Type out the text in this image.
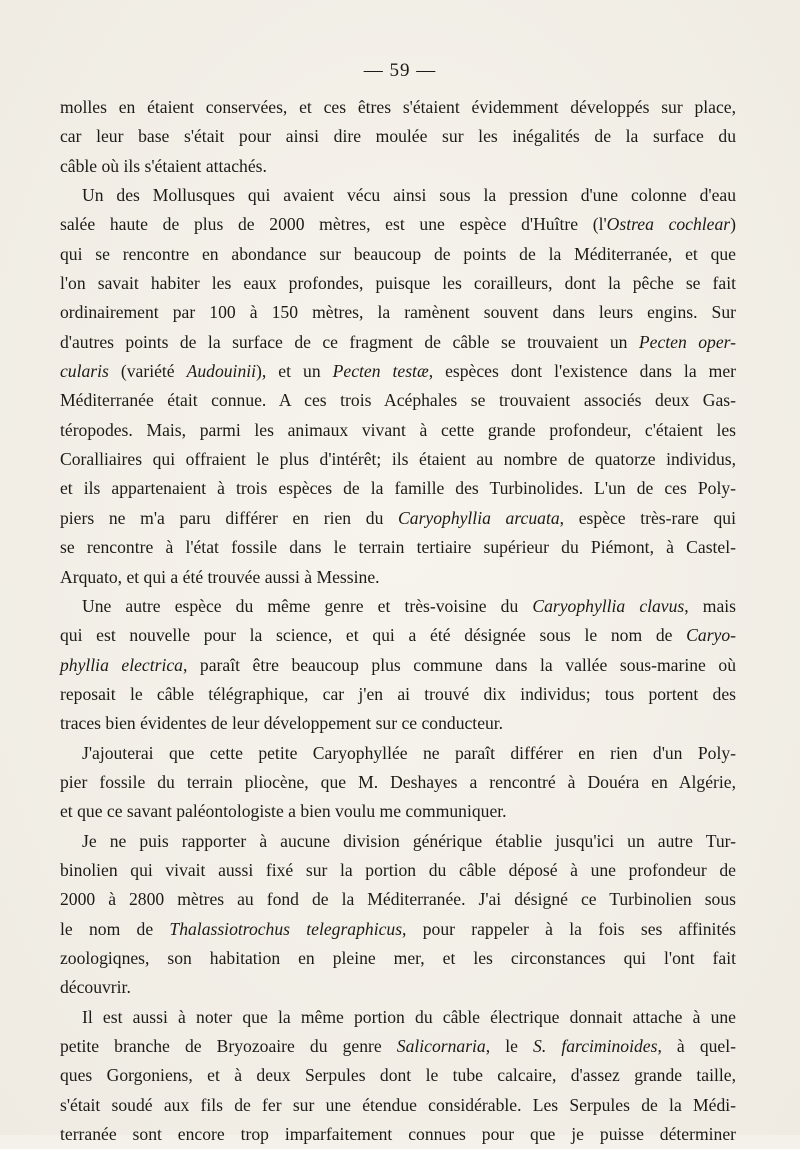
— 59 —
molles en étaient conservées, et ces êtres s'étaient évidemment développés sur place,
car leur base s'était pour ainsi dire moulée sur les inégalités de la surface du
câble où ils s'étaient attachés.
Un des Mollusques qui avaient vécu ainsi sous la pression d'une colonne d'eau
salée haute de plus de 2000 mètres, est une espèce d'Huître (l'Ostrea cochlear)
qui se rencontre en abondance sur beaucoup de points de la Méditerranée, et que
l'on savait habiter les eaux profondes, puisque les corailleurs, dont la pêche se fait
ordinairement par 100 à 150 mètres, la ramènent souvent dans leurs engins. Sur
d'autres points de la surface de ce fragment de câble se trouvaient un Pecten oper-
cularis (variété Audouinii), et un Pecten testæ, espèces dont l'existence dans la mer
Méditerranée était connue. A ces trois Acéphales se trouvaient associés deux Gas-
téropodes. Mais, parmi les animaux vivant à cette grande profondeur, c'étaient les
Coralliaires qui offraient le plus d'intérêt; ils étaient au nombre de quatorze individus,
et ils appartenaient à trois espèces de la famille des Turbinolides. L'un de ces Poly-
piers ne m'a paru différer en rien du Caryophyllia arcuata, espèce très-rare qui
se rencontre à l'état fossile dans le terrain tertiaire supérieur du Piémont, à Castel-
Arquato, et qui a été trouvée aussi à Messine.
Une autre espèce du même genre et très-voisine du Caryophyllia clavus, mais
qui est nouvelle pour la science, et qui a été désignée sous le nom de Caryo-
phyllia electrica, paraît être beaucoup plus commune dans la vallée sous-marine où
reposait le câble télégraphique, car j'en ai trouvé dix individus; tous portent des
traces bien évidentes de leur développement sur ce conducteur.
J'ajouterai que cette petite Caryophyllée ne paraît différer en rien d'un Poly-
pier fossile du terrain pliocène, que M. Deshayes a rencontré à Douéra en Algérie,
et que ce savant paléontologiste a bien voulu me communiquer.
Je ne puis rapporter à aucune division générique établie jusqu'ici un autre Tur-
binolien qui vivait aussi fixé sur la portion du câble déposé à une profondeur de
2000 à 2800 mètres au fond de la Méditerranée. J'ai désigné ce Turbinolien sous
le nom de Thalassiotrochus telegraphicus, pour rappeler à la fois ses affinités
zoologiqnes, son habitation en pleine mer, et les circonstances qui l'ont fait
découvrir.
Il est aussi à noter que la même portion du câble électrique donnait attache à une
petite branche de Bryozoaire du genre Salicornaria, le S. farciminoides, à quel-
ques Gorgoniens, et à deux Serpules dont le tube calcaire, d'assez grande taille,
s'était soudé aux fils de fer sur une étendue considérable. Les Serpules de la Médi-
terranée sont encore trop imparfaitement connues pour que je puisse déterminer
